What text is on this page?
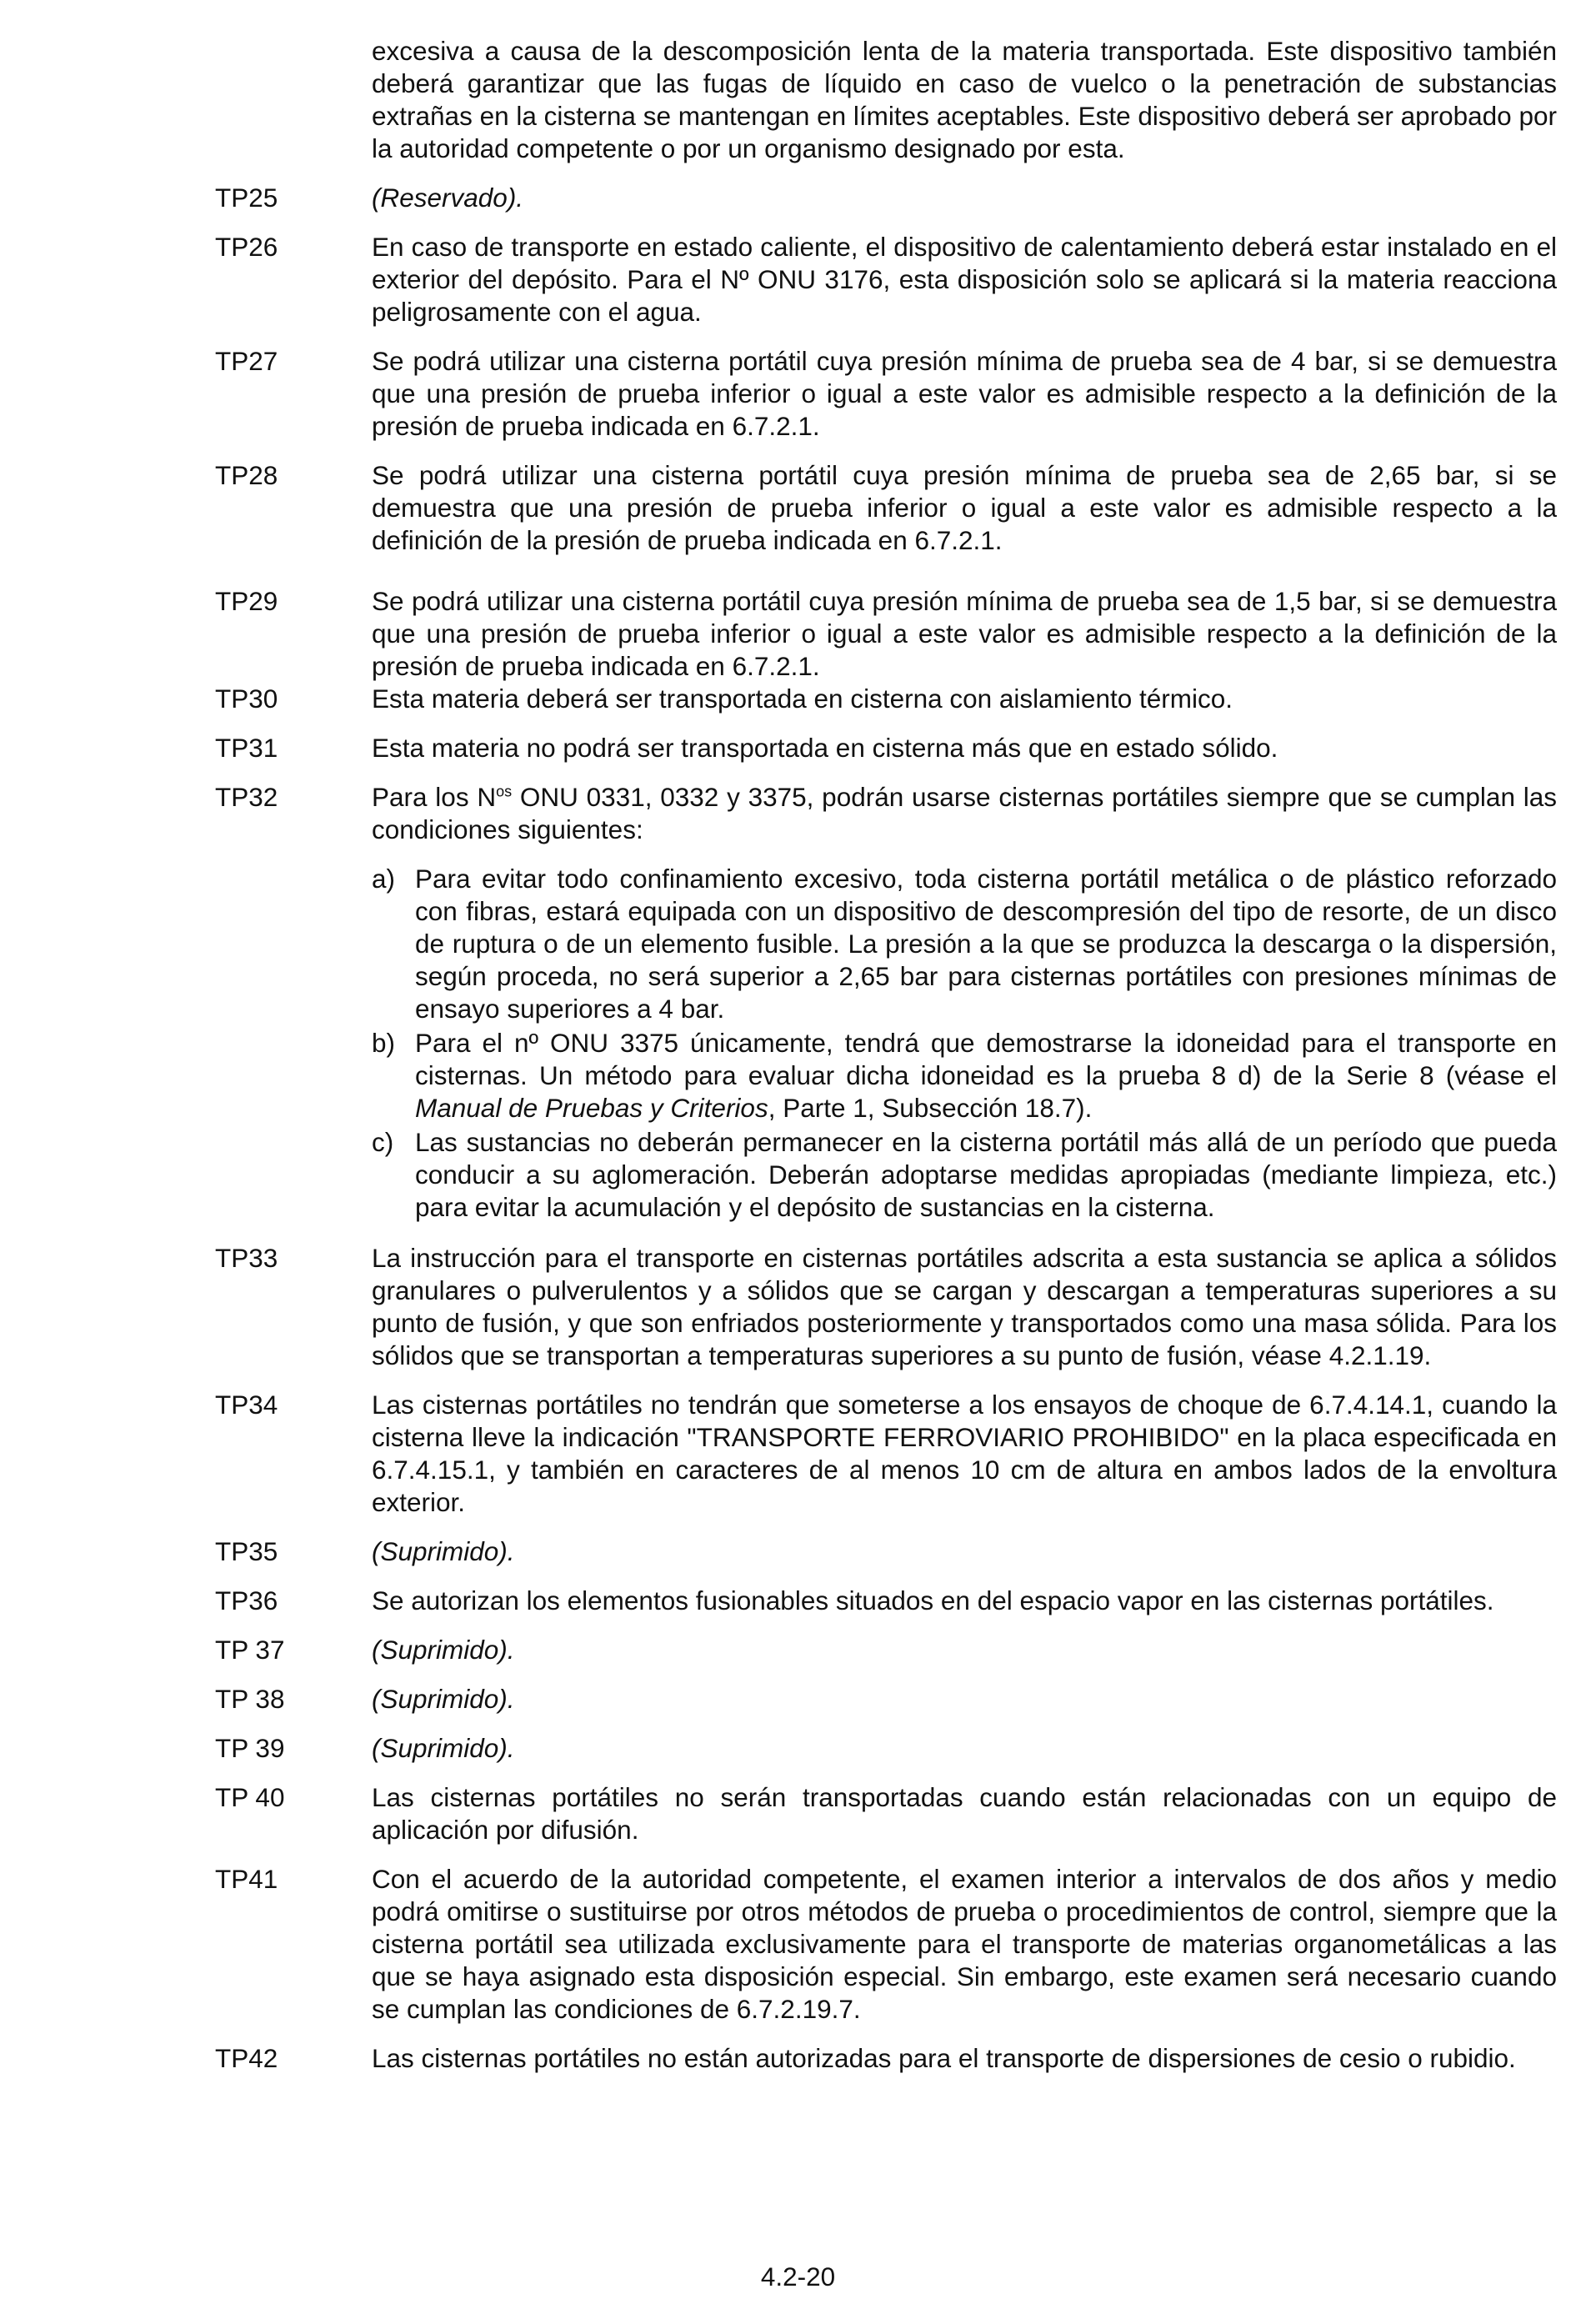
excesiva a causa de la descomposición lenta de la materia transportada. Este dispositivo también deberá garantizar que las fugas de líquido en caso de vuelco o la penetración de substancias extrañas en la cisterna se mantengan en límites aceptables. Este dispositivo deberá ser aprobado por la autoridad competente o por un organismo designado por esta.
TP25	(Reservado).

TP26	En caso de transporte en estado caliente, el dispositivo de calentamiento deberá estar instalado en el exterior del depósito. Para el Nº ONU 3176, esta disposición solo se aplicará si la materia reacciona peligrosamente con el agua.

TP27	Se podrá utilizar una cisterna portátil cuya presión mínima de prueba sea de 4 bar, si se demuestra que una presión de prueba inferior o igual a este valor es admisible respecto a la definición de la presión de prueba indicada en 6.7.2.1.

TP28	Se podrá utilizar una cisterna portátil cuya presión mínima de prueba sea de 2,65 bar, si se demuestra que una presión de prueba inferior o igual a este valor es admisible respecto a la definición de la presión de prueba indicada en 6.7.2.1.

TP29	Se podrá utilizar una cisterna portátil cuya presión mínima de prueba sea de 1,5 bar, si se demuestra que una presión de prueba inferior o igual a este valor es admisible respecto a la definición de la presión de prueba indicada en 6.7.2.1.

TP30	Esta materia deberá ser transportada en cisterna con aislamiento térmico.

TP31	Esta materia no podrá ser transportada en cisterna más que en estado sólido.

TP32	Para los $N^{os}$ ONU 0331, 0332 y 3375, podrán usarse cisternas portátiles siempre que se cumplan las condiciones siguientes:

a) Para evitar todo confinamiento excesivo, toda cisterna portátil metálica o de plástico reforzado con fibras, estará equipada con un dispositivo de descompresión del tipo de resorte, de un disco de ruptura o de un elemento fusible. La presión a la que se produzca la descarga o la dispersión, según proceda, no será superior a 2,65 bar para cisternas portátiles con presiones mínimas de ensayo superiores a 4 bar.
b) Para el nº ONU 3375 únicamente, tendrá que demostrarse la idoneidad para el transporte en cisternas. Un método para evaluar dicha idoneidad es la prueba 8 d) de la Serie 8 (véase el Manual de Pruebas y Criterios, Parte 1, Subsección 18.7).
c) Las sustancias no deberán permanecer en la cisterna portátil más allá de un período que pueda conducir a su aglomeración. Deberán adoptarse medidas apropiadas (mediante limpieza, etc.) para evitar la acumulación y el depósito de sustancias en la cisterna.
TP33	La instrucción para el transporte en cisternas portátiles adscrita a esta sustancia se aplica a sólidos granulares o pulverulentos y a sólidos que se cargan y descargan a temperaturas superiores a su punto de fusión, y que son enfriados posteriormente y transportados como una masa sólida. Para los sólidos que se transportan a temperaturas superiores a su punto de fusión, véase 4.2.1.19.

TP34	Las cisternas portátiles no tendrán que someterse a los ensayos de choque de 6.7.4.14.1, cuando la cisterna lleve la indicación "TRANSPORTE FERROVIARIO PROHIBIDO" en la placa especificada en 6.7.4.15.1, y también en caracteres de al menos 10 cm de altura en ambos lados de la envoltura exterior.

TP35	(Suprimido).

TP36	Se autorizan los elementos fusionables situados en del espacio vapor en las cisternas portátiles.

TP 37	(Suprimido).

TP 38	(Suprimido).

TP 39	(Suprimido).

TP 40	Las cisternas portátiles no serán transportadas cuando están relacionadas con un equipo de aplicación por difusión.

TP41	Con el acuerdo de la autoridad competente, el examen interior a intervalos de dos años y medio podrá omitirse o sustituirse por otros métodos de prueba o procedimientos de control, siempre que la cisterna portátil sea utilizada exclusivamente para el transporte de materias organometálicas a las que se haya asignado esta disposición especial. Sin embargo, este examen será necesario cuando se cumplan las condiciones de 6.7.2.19.7.

TP42	Las cisternas portátiles no están autorizadas para el transporte de dispersiones de cesio o rubidio.

4.2-20
